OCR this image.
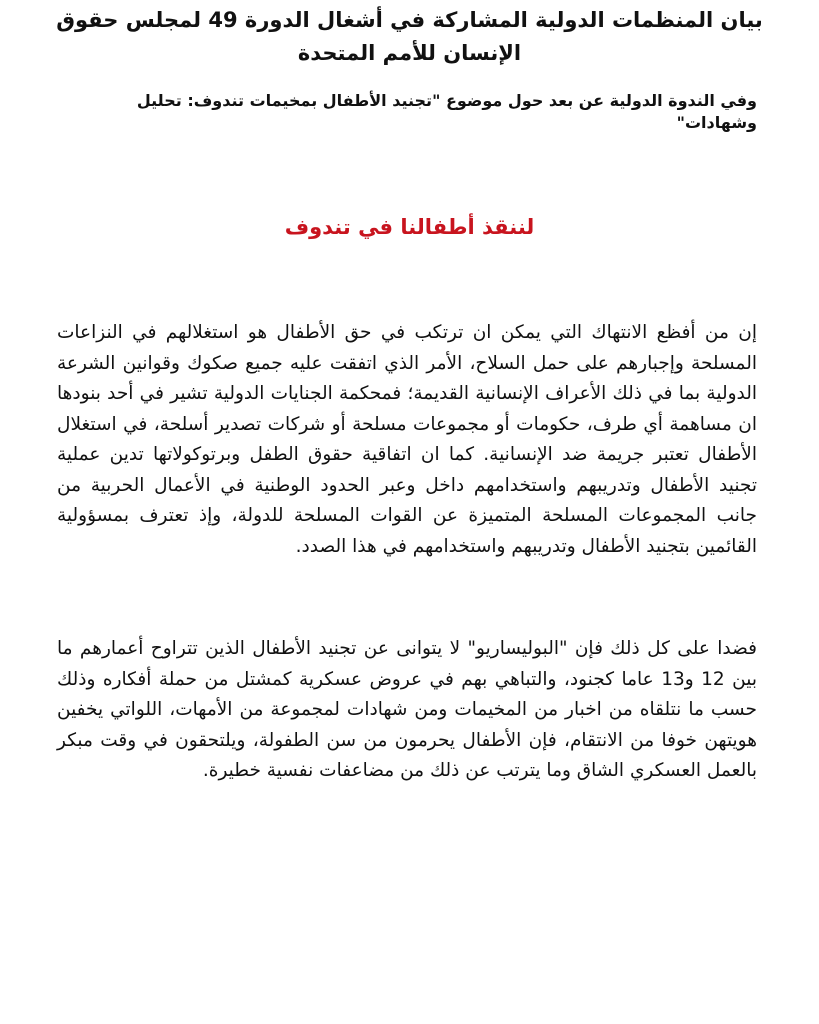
بيان المنظمات الدولية المشاركة في أشغال الدورة 49 لمجلس حقوق الإنسان للأمم المتحدة
وفي الندوة الدولية عن بعد حول موضوع "تجنيد الأطفال بمخيمات تندوف: تحليل وشهادات"
لننقذ أطفالنا في تندوف

إن من أفظع الانتهاك التي يمكن ان ترتكب في حق الأطفال هو استغلالهم في النزاعات المسلحة وإجبارهم على حمل السلاح، الأمر الذي اتفقت عليه جميع صكوك وقوانين الشرعة الدولية بما في ذلك الأعراف الإنسانية القديمة؛ فمحكمة الجنايات الدولية تشير في أحد بنودها ان مساهمة أي طرف، حكومات أو مجموعات مسلحة أو شركات تصدير أسلحة، في استغلال الأطفال تعتبر جريمة ضد الإنسانية. كما ان اتفاقية حقوق الطفل وبرتوكولاتها تدين عملية تجنيد الأطفال وتدريبهم واستخدامهم داخل وعبر الحدود الوطنية في الأعمال الحربية من جانب المجموعات المسلحة المتميزة عن القوات المسلحة للدولة، وإذ تعترف بمسؤولية القائمين بتجنيد الأطفال وتدريبهم واستخدامهم في هذا الصدد.

فضدا على كل ذلك فإن "البوليساريو" لا يتوانى عن تجنيد الأطفال الذين تتراوح أعمارهم ما بين 12 و13 عاما كجنود، والتباهي بهم في عروض عسكرية كمشتل من حملة أفكاره وذلك حسب ما نتلقاه من اخبار من المخيمات ومن شهادات لمجموعة من الأمهات، اللواتي يخفين هويتهن خوفا من الانتقام، فإن الأطفال يحرمون من سن الطفولة، ويلتحقون في وقت مبكر بالعمل العسكري الشاق وما يترتب عن ذلك من مضاعفات نفسية خطيرة.
